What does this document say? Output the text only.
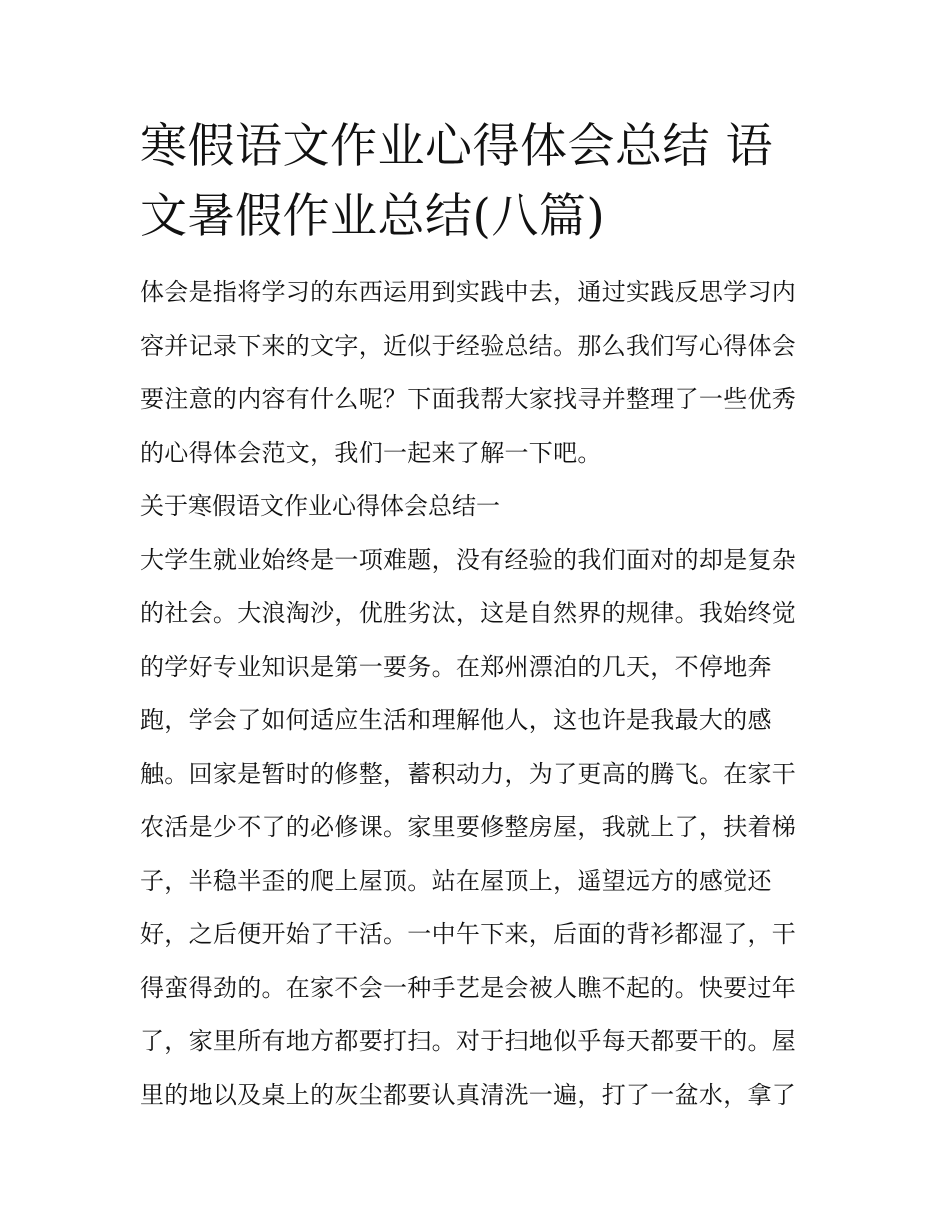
寒假语文作业心得体会总结 语
文暑假作业总结(八篇)
体会是指将学习的东西运用到实践中去，通过实践反思学习内
容并记录下来的文字，近似于经验总结。那么我们写心得体会
要注意的内容有什么呢？下面我帮大家找寻并整理了一些优秀
的心得体会范文，我们一起来了解一下吧。
关于寒假语文作业心得体会总结一
大学生就业始终是一项难题，没有经验的我们面对的却是复杂
的社会。大浪淘沙，优胜劣汰，这是自然界的规律。我始终觉
的学好专业知识是第一要务。在郑州漂泊的几天，不停地奔
跑，学会了如何适应生活和理解他人，这也许是我最大的感
触。回家是暂时的修整，蓄积动力，为了更高的腾飞。在家干
农活是少不了的必修课。家里要修整房屋，我就上了，扶着梯
子，半稳半歪的爬上屋顶。站在屋顶上，遥望远方的感觉还
好，之后便开始了干活。一中午下来，后面的背衫都湿了，干
得蛮得劲的。在家不会一种手艺是会被人瞧不起的。快要过年
了，家里所有地方都要打扫。对于扫地似乎每天都要干的。屋
里的地以及桌上的灰尘都要认真清洗一遍，打了一盆水，拿了
